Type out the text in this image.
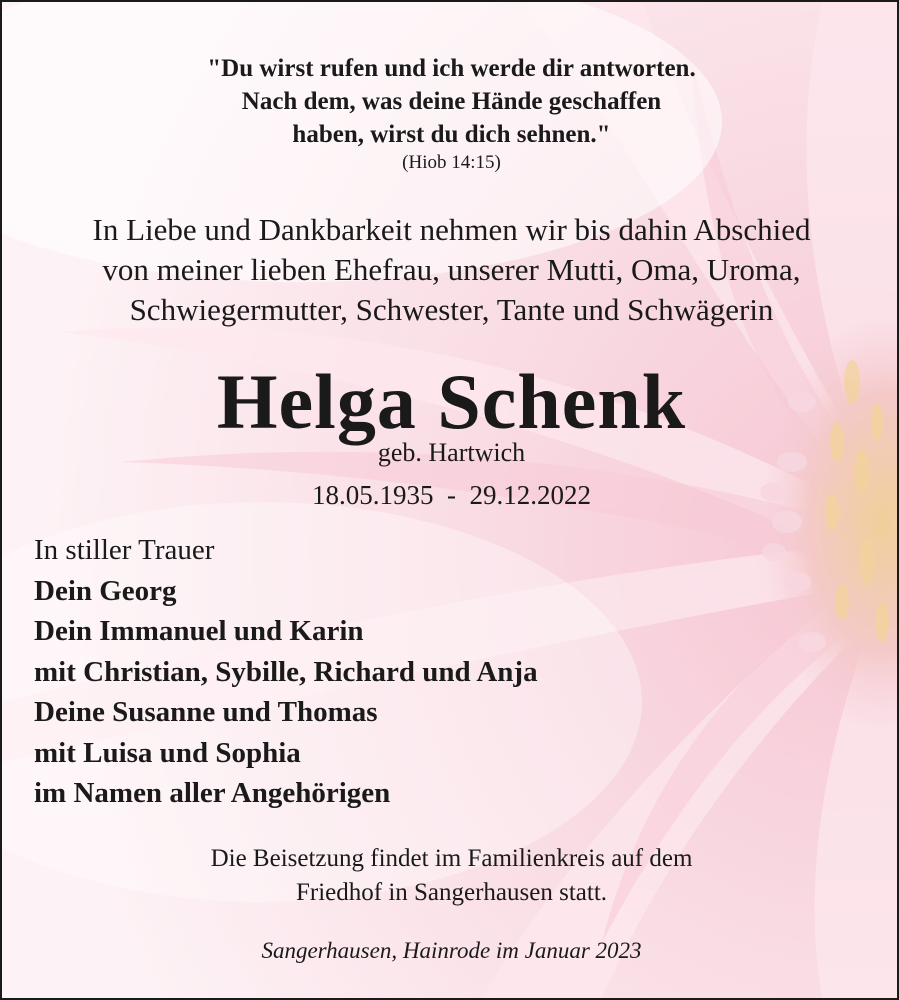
"Du wirst rufen und ich werde dir antworten.
Nach dem, was deine Hände geschaffen
haben, wirst du dich sehnen."
(Hiob 14:15)
In Liebe und Dankbarkeit nehmen wir bis dahin Abschied
von meiner lieben Ehefrau, unserer Mutti, Oma, Uroma,
Schwiegermutter, Schwester, Tante und Schwägerin
Helga Schenk
geb. Hartwich
18.05.1935  -  29.12.2022
In stiller Trauer
Dein Georg
Dein Immanuel und Karin
mit Christian, Sybille, Richard und Anja
Deine Susanne und Thomas
mit Luisa und Sophia
im Namen aller Angehörigen
Die Beisetzung findet im Familienkreis auf dem
Friedhof in Sangerhausen statt.
Sangerhausen, Hainrode im Januar 2023
